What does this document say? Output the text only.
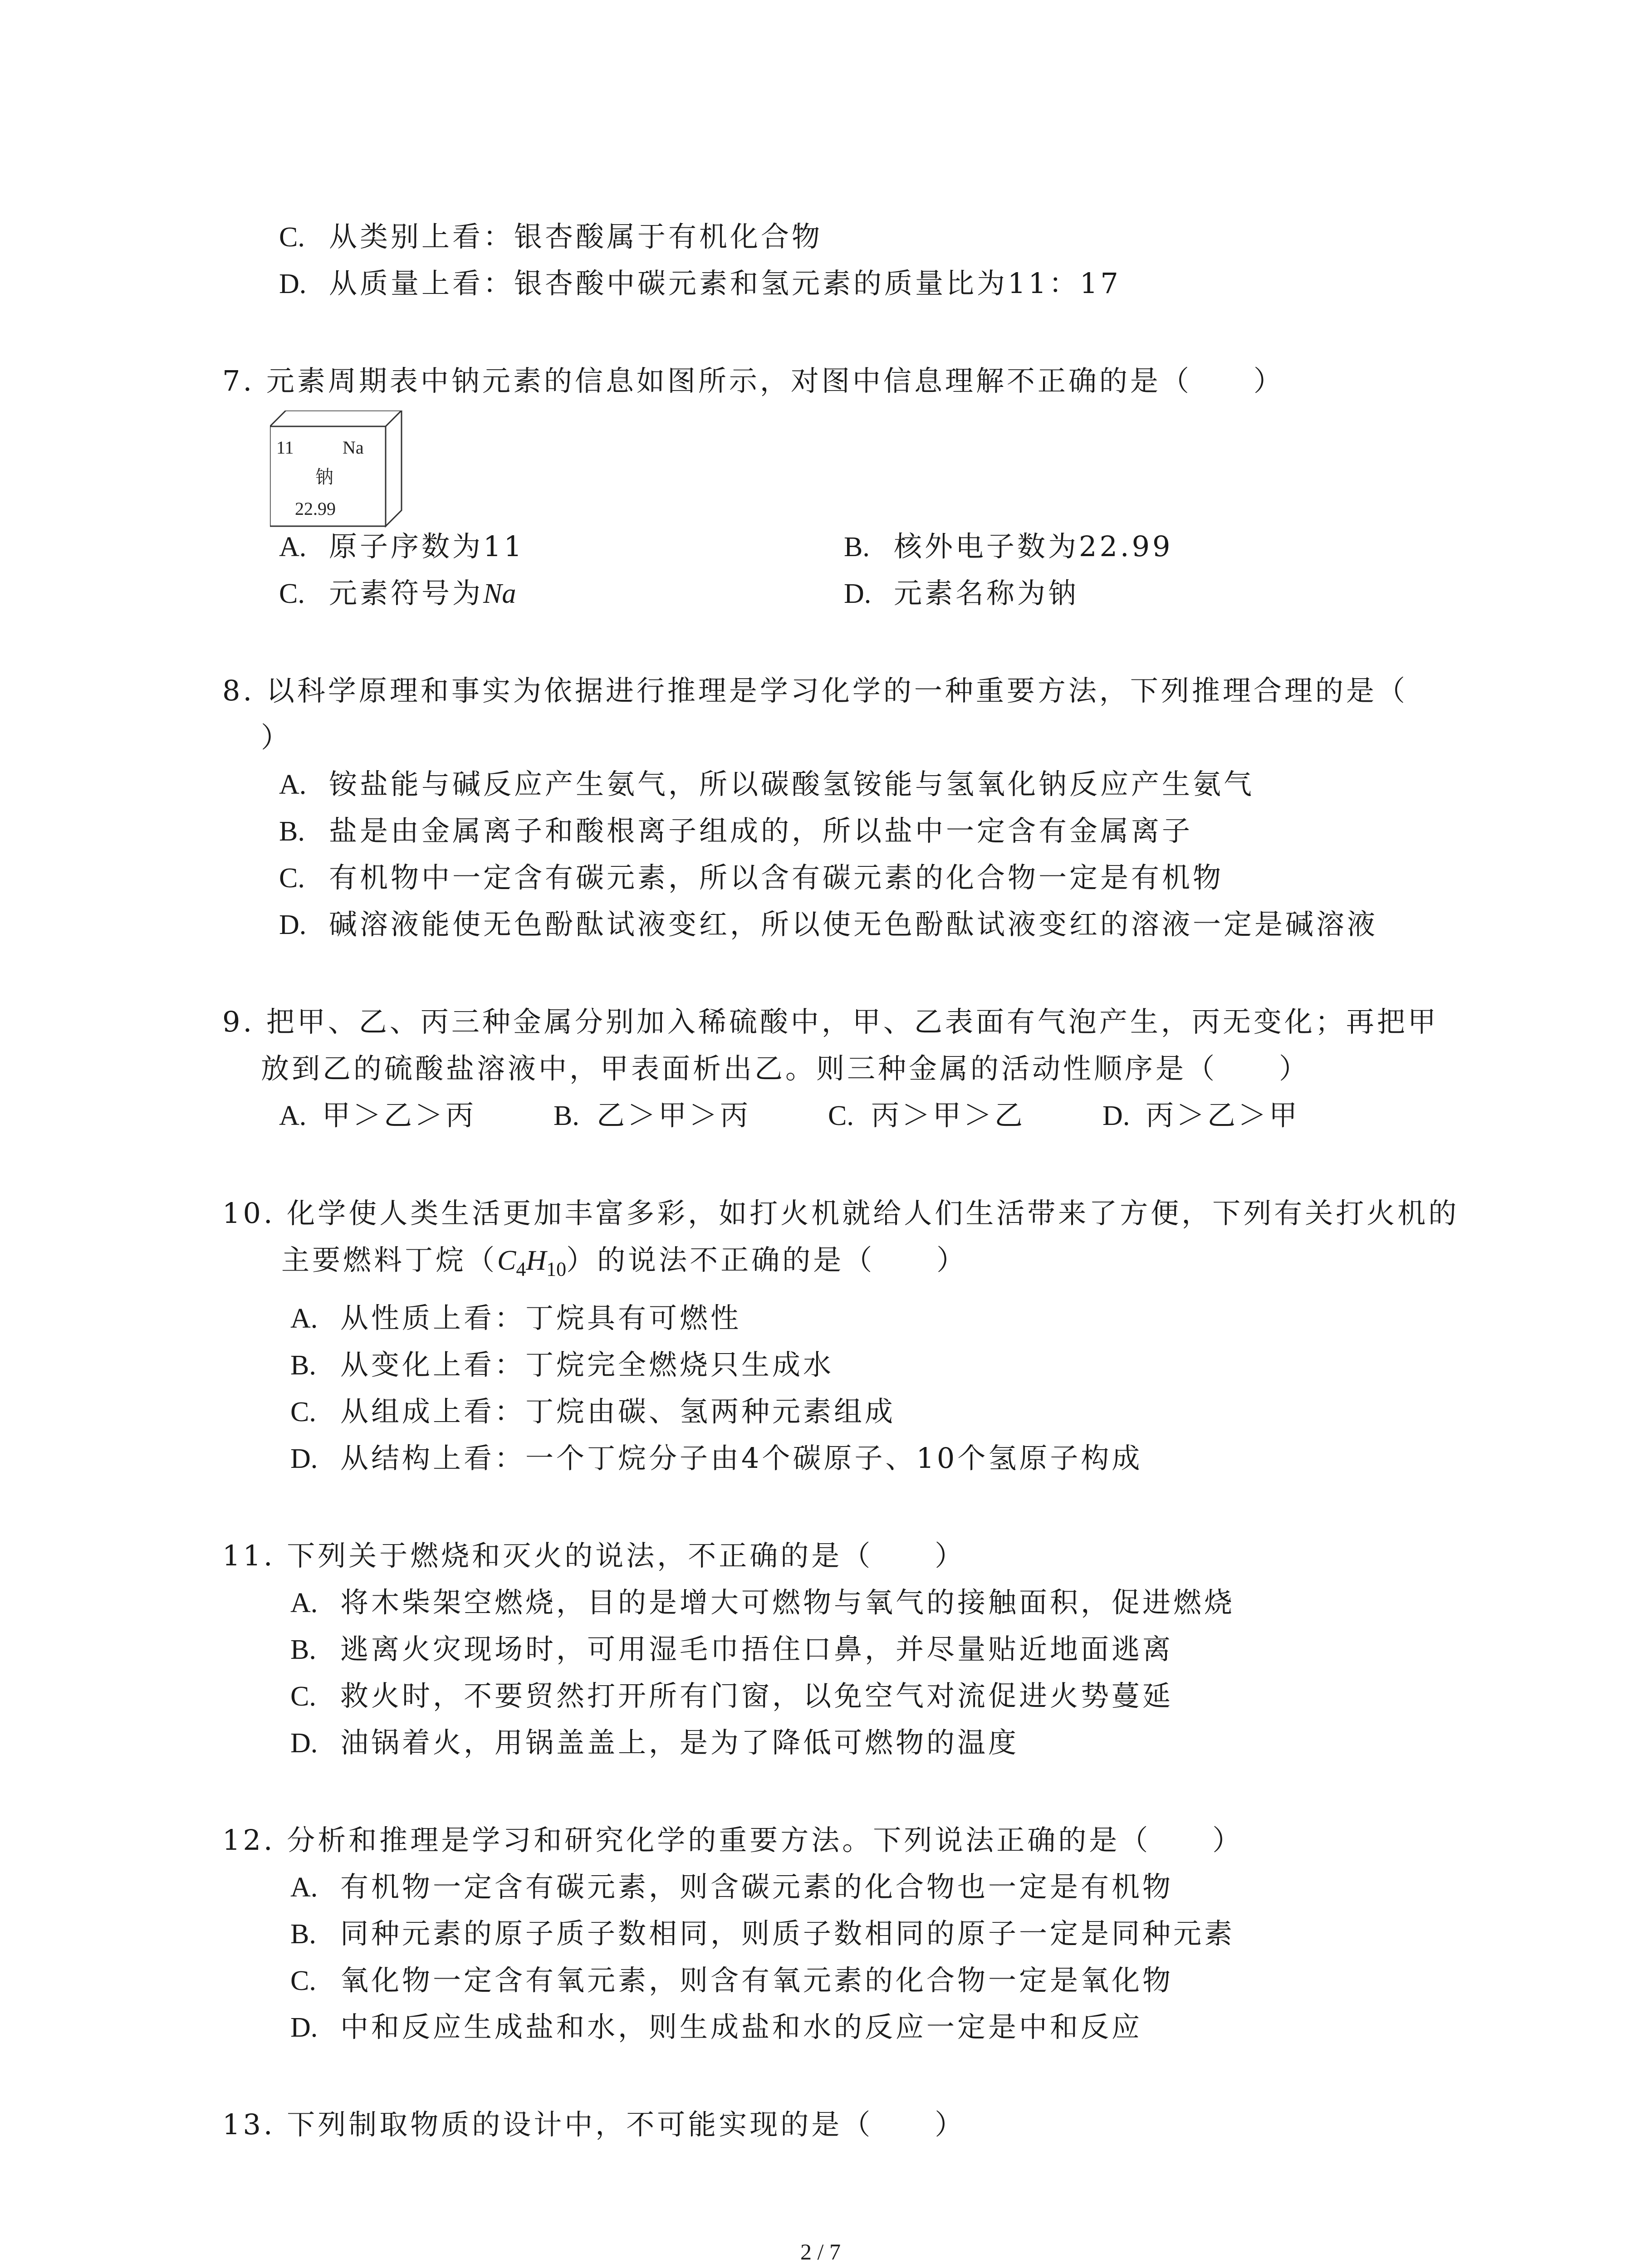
C. 从类别上看：银杏酸属于有机化合物
D. 从质量上看：银杏酸中碳元素和氢元素的质量比为11：17
7. 元素周期表中钠元素的信息如图所示，对图中信息理解不正确的是（　　）
11	Na
钠
22.99
A. 原子序数为11	B. 核外电子数为22.99
C. 元素符号为Na	D. 元素名称为钠
8. 以科学原理和事实为依据进行推理是学习化学的一种重要方法，下列推理合理的是（
）
A. 铵盐能与碱反应产生氨气，所以碳酸氢铵能与氢氧化钠反应产生氨气
B. 盐是由金属离子和酸根离子组成的，所以盐中一定含有金属离子
C. 有机物中一定含有碳元素，所以含有碳元素的化合物一定是有机物
D. 碱溶液能使无色酚酞试液变红，所以使无色酚酞试液变红的溶液一定是碱溶液
9. 把甲、乙、丙三种金属分别加入稀硫酸中，甲、乙表面有气泡产生，丙无变化；再把甲
放到乙的硫酸盐溶液中，甲表面析出乙。则三种金属的活动性顺序是（　　）
A. 甲＞乙＞丙	B. 乙＞甲＞丙	C. 丙＞甲＞乙	D. 丙＞乙＞甲
10. 化学使人类生活更加丰富多彩，如打火机就给人们生活带来了方便，下列有关打火机的
主要燃料丁烷$(C_4H_{10})$的说法不正确的是（　　）
A. 从性质上看：丁烷具有可燃性
B. 从变化上看：丁烷完全燃烧只生成水
C. 从组成上看：丁烷由碳、氢两种元素组成
D. 从结构上看：一个丁烷分子由4个碳原子、10个氢原子构成
11. 下列关于燃烧和灭火的说法，不正确的是（　　）
A. 将木柴架空燃烧，目的是增大可燃物与氧气的接触面积，促进燃烧
B. 逃离火灾现场时，可用湿毛巾捂住口鼻，并尽量贴近地面逃离
C. 救火时，不要贸然打开所有门窗，以免空气对流促进火势蔓延
D. 油锅着火，用锅盖盖上，是为了降低可燃物的温度
12. 分析和推理是学习和研究化学的重要方法。下列说法正确的是（　　）
A. 有机物一定含有碳元素，则含碳元素的化合物也一定是有机物
B. 同种元素的原子质子数相同，则质子数相同的原子一定是同种元素
C. 氧化物一定含有氧元素，则含有氧元素的化合物一定是氧化物
D. 中和反应生成盐和水，则生成盐和水的反应一定是中和反应
13. 下列制取物质的设计中，不可能实现的是（　　）
2 / 7
